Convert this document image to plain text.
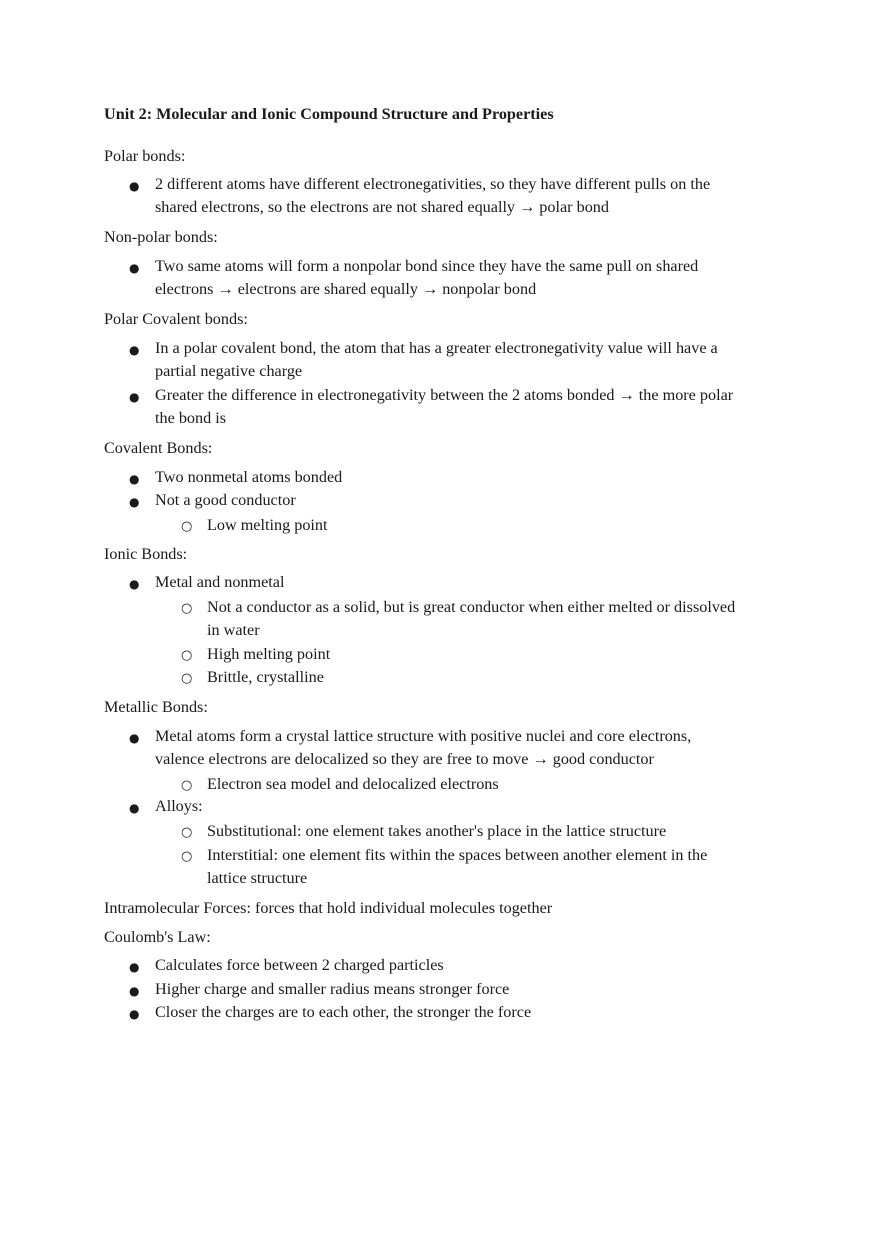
Unit 2: Molecular and Ionic Compound Structure and Properties
Polar bonds:
● 2 different atoms have different electronegativities, so they have different pulls on the
shared electrons, so the electrons are not shared equally → polar bond
Non-polar bonds:
● Two same atoms will form a nonpolar bond since they have the same pull on shared
electrons → electrons are shared equally → nonpolar bond
Polar Covalent bonds:
● In a polar covalent bond, the atom that has a greater electronegativity value will have a
partial negative charge
● Greater the difference in electronegativity between the 2 atoms bonded → the more polar
the bond is
Covalent Bonds:
● Two nonmetal atoms bonded
● Not a good conductor
○ Low melting point
Ionic Bonds:
● Metal and nonmetal
○ Not a conductor as a solid, but is great conductor when either melted or dissolved
in water
○ High melting point
○ Brittle, crystalline
Metallic Bonds:
● Metal atoms form a crystal lattice structure with positive nuclei and core electrons,
valence electrons are delocalized so they are free to move → good conductor
○ Electron sea model and delocalized electrons
● Alloys:
○ Substitutional: one element takes another's place in the lattice structure
○ Interstitial: one element fits within the spaces between another element in the
lattice structure
Intramolecular Forces: forces that hold individual molecules together
Coulomb's Law:
● Calculates force between 2 charged particles
● Higher charge and smaller radius means stronger force
● Closer the charges are to each other, the stronger the force
